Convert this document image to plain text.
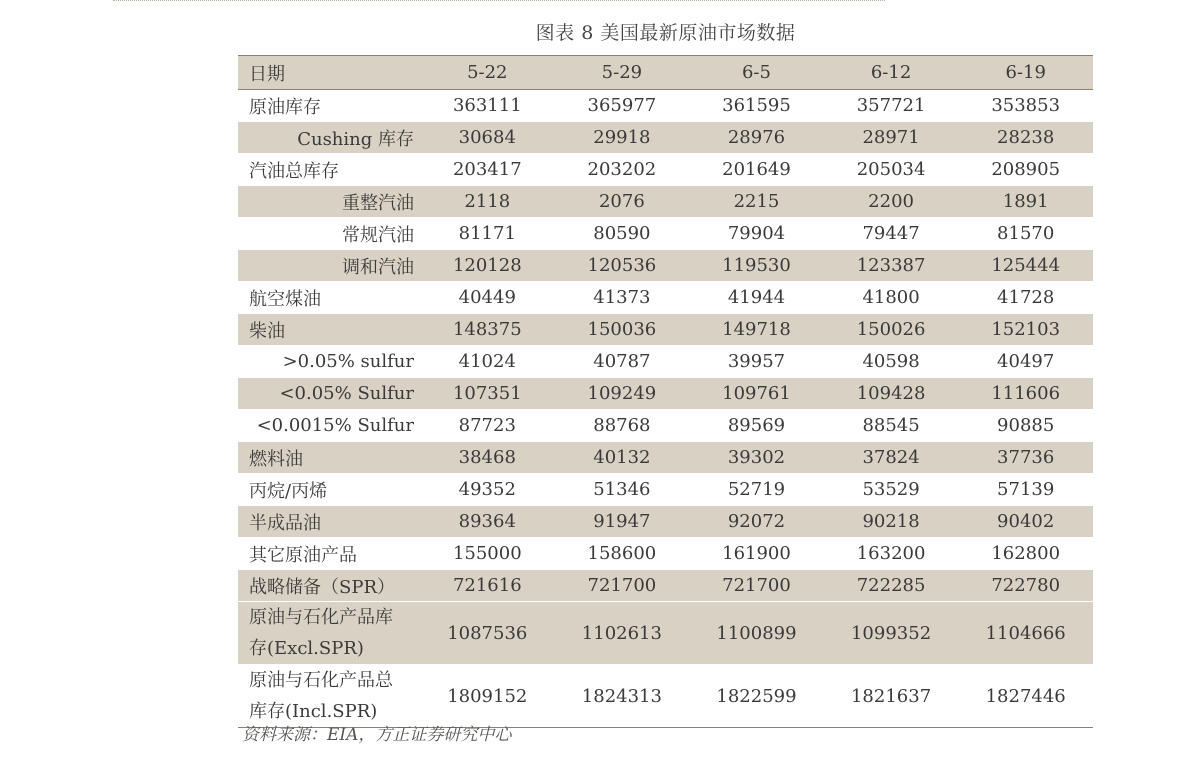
图表 8 美国最新原油市场数据
日期	5-22	5-29	6-5	6-12	6-19
原油库存	363111	365977	361595	357721	353853
Cushing 库存	30684	29918	28976	28971	28238
汽油总库存	203417	203202	201649	205034	208905
重整汽油	2118	2076	2215	2200	1891
常规汽油	81171	80590	79904	79447	81570
调和汽油	120128	120536	119530	123387	125444
航空煤油	40449	41373	41944	41800	41728
柴油	148375	150036	149718	150026	152103
>0.05% sulfur	41024	40787	39957	40598	40497
<0.05% Sulfur	107351	109249	109761	109428	111606
<0.0015% Sulfur	87723	88768	89569	88545	90885
燃料油	38468	40132	39302	37824	37736
丙烷/丙烯	49352	51346	52719	53529	57139
半成品油	89364	91947	92072	90218	90402
其它原油产品	155000	158600	161900	163200	162800
战略储备（SPR）	721616	721700	721700	722285	722780

原油与石化产品库
存(Excl.SPR)	1087536	1102613	1100899	1099352	1104666

原油与石化产品总
库存(Incl.SPR)	1809152	1824313	1822599	1821637	1827446
资料来源：EIA，方正证券研究中心
